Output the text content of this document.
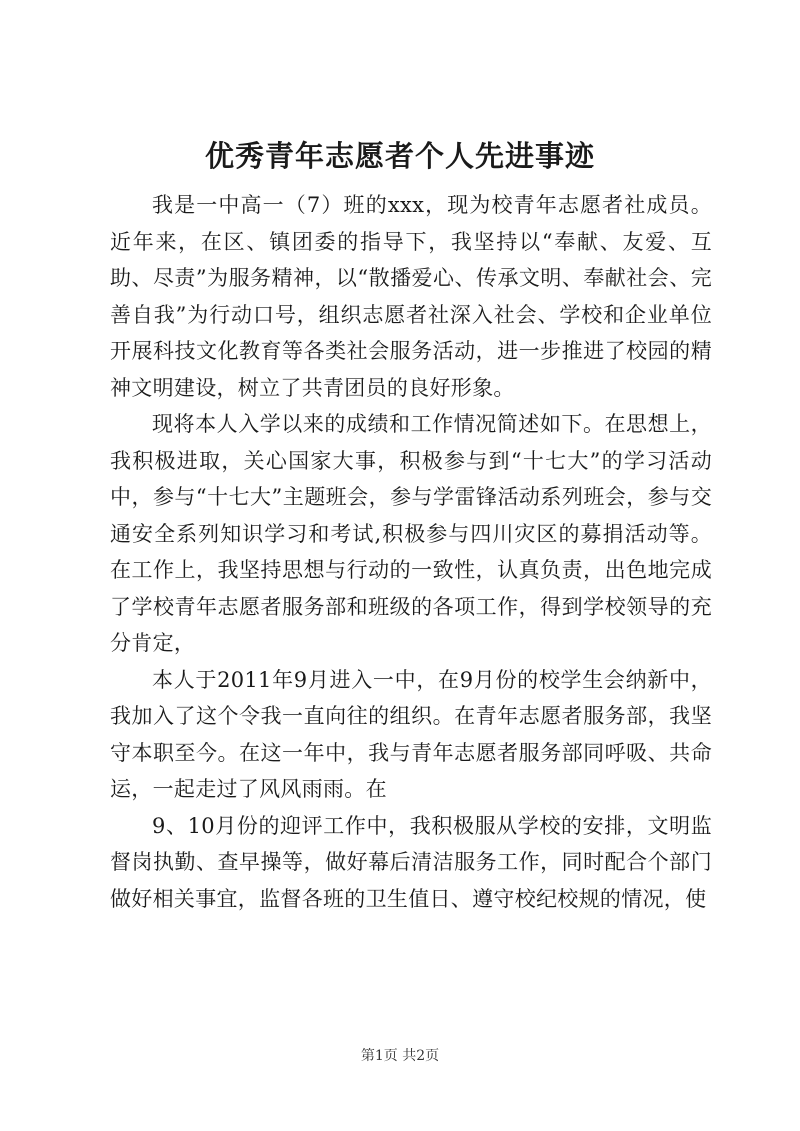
优秀青年志愿者个人先进事迹

我是一中高一（7）班的xxx，现为校青年志愿者社成员。近年来，在区、镇团委的指导下，我坚持以“奉献、友爱、互助、尽责”为服务精神，以“散播爱心、传承文明、奉献社会、完善自我”为行动口号，组织志愿者社深入社会、学校和企业单位开展科技文化教育等各类社会服务活动，进一步推进了校园的精神文明建设，树立了共青团员的良好形象。

现将本人入学以来的成绩和工作情况简述如下。在思想上，我积极进取，关心国家大事，积极参与到“十七大”的学习活动中，参与“十七大”主题班会，参与学雷锋活动系列班会，参与交通安全系列知识学习和考试,积极参与四川灾区的募捐活动等。在工作上，我坚持思想与行动的一致性，认真负责，出色地完成了学校青年志愿者服务部和班级的各项工作，得到学校领导的充分肯定，

本人于2011年9月进入一中，在9月份的校学生会纳新中，我加入了这个令我一直向往的组织。在青年志愿者服务部，我坚守本职至今。在这一年中，我与青年志愿者服务部同呼吸、共命运，一起走过了风风雨雨。在

9、10月份的迎评工作中，我积极服从学校的安排，文明监督岗执勤、查早操等，做好幕后清洁服务工作，同时配合个部门做好相关事宜，监督各班的卫生值日、遵守校纪校规的情况，使

第1页 共2页
